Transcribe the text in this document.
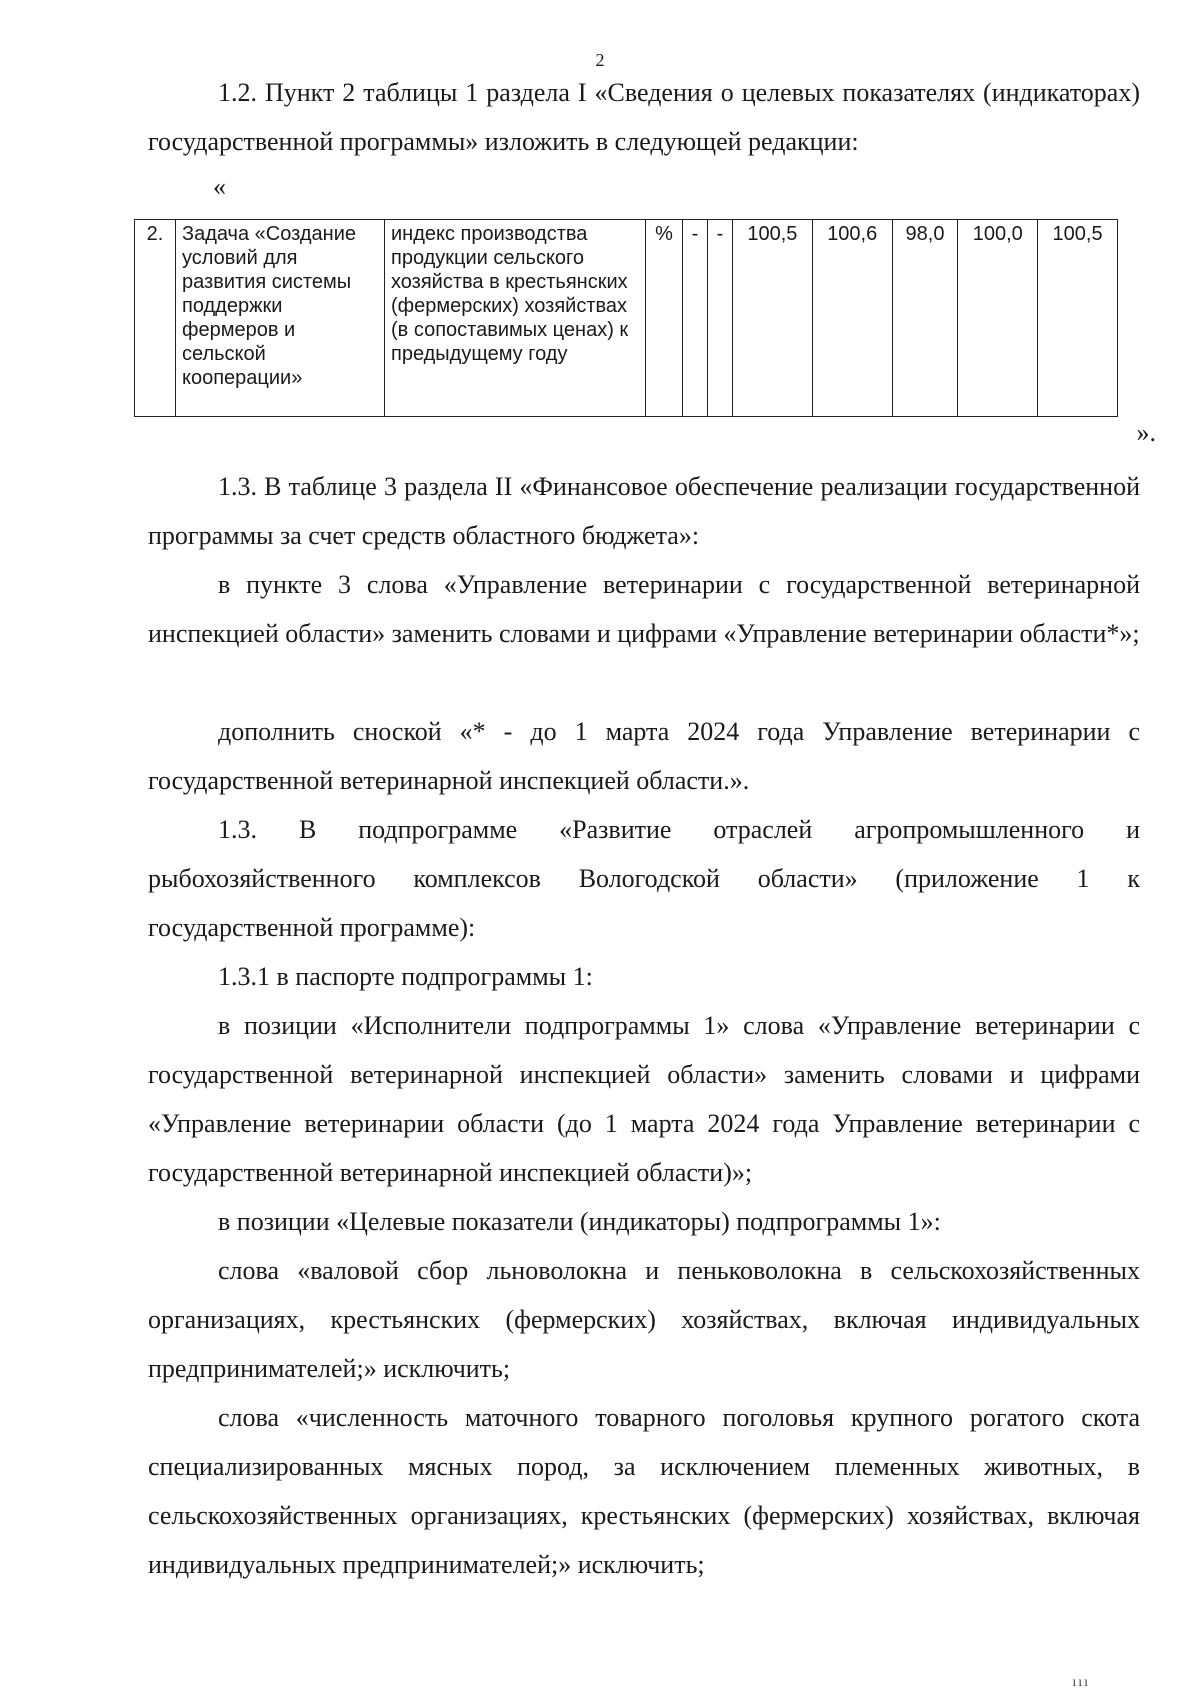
2

1.2. Пункт 2 таблицы 1 раздела I «Сведения о целевых показателях (индикаторах) государственной программы» изложить в следующей редакции:

«
2.	Задача «Создание условий для развития системы поддержки фермеров и сельской кооперации»	индекс производства продукции сельского хозяйства в крестьянских (фермерских) хозяйствах (в сопоставимых ценах) к предыдущему году	%	-	-	100,5	100,6	98,0	100,0	100,5
».

1.3. В таблице 3 раздела II «Финансовое обеспечение реализации государственной программы за счет средств областного бюджета»:

в пункте 3 слова «Управление ветеринарии с государственной ветеринарной инспекцией области» заменить словами и цифрами «Управление ветеринарии области*»;

дополнить сноской «* - до 1 марта 2024 года Управление ветеринарии с государственной ветеринарной инспекцией области.».

1.3. В подпрограмме «Развитие отраслей агропромышленного и рыбохозяйственного комплексов Вологодской области» (приложение 1 к государственной программе):

1.3.1 в паспорте подпрограммы 1:

в позиции «Исполнители подпрограммы 1» слова «Управление ветеринарии с государственной ветеринарной инспекцией области» заменить словами и цифрами «Управление ветеринарии области (до 1 марта 2024 года Управление ветеринарии с государственной ветеринарной инспекцией области)»;

в позиции «Целевые показатели (индикаторы) подпрограммы 1»:

слова «валовой сбор льноволокна и пеньковолокна в сельскохозяйственных организациях, крестьянских (фермерских) хозяйствах, включая индивидуальных предпринимателей;» исключить;

слова «численность маточного товарного поголовья крупного рогатого скота специализированных мясных пород, за исключением племенных животных, в сельскохозяйственных организациях, крестьянских (фермерских) хозяйствах, включая индивидуальных предпринимателей;» исключить;

ııı
